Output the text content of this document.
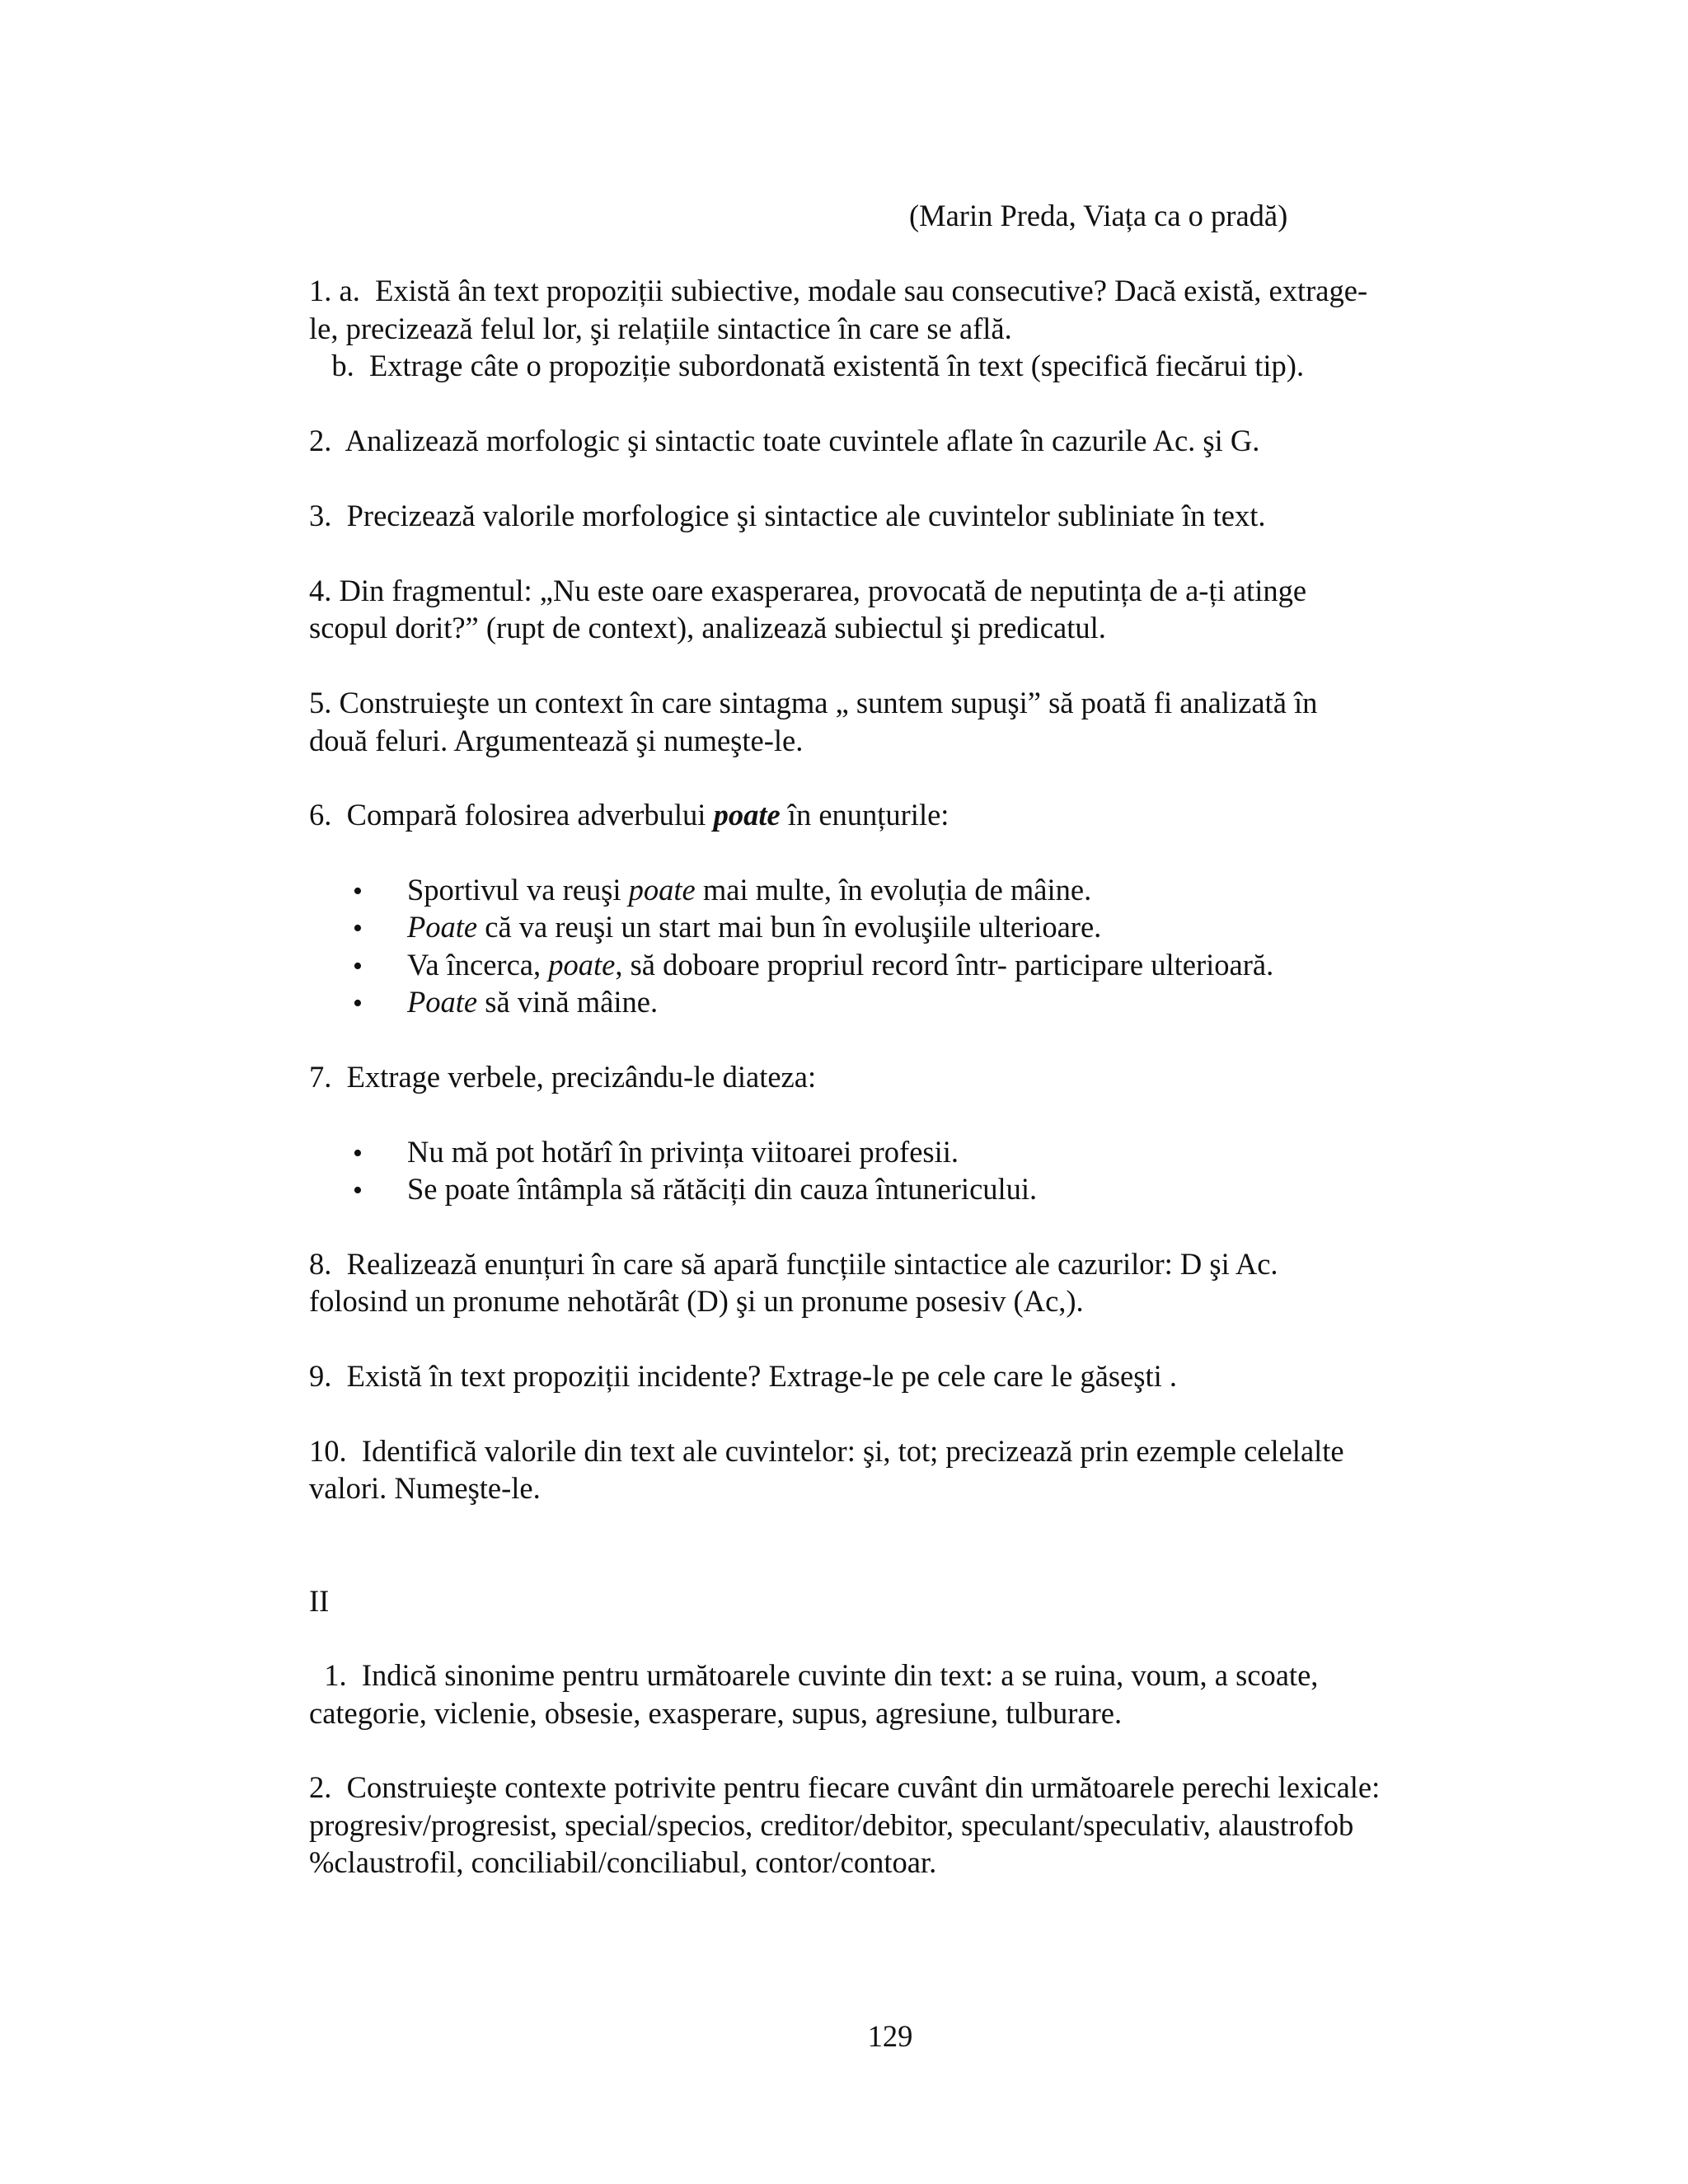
(Marin Preda, Viața ca o pradă)
1. a.  Există ân text propoziții subiective, modale sau consecutive? Dacă există, extrage-
le, precizează felul lor, şi relațiile sintactice în care se află.
b.  Extrage câte o propoziție subordonată existentă în text (specifică fiecărui tip).
2.  Analizează morfologic şi sintactic toate cuvintele aflate în cazurile Ac. şi G.
3.  Precizează valorile morfologice şi sintactice ale cuvintelor subliniate în text.
4. Din fragmentul: „Nu este oare exasperarea, provocată de neputința de a-ți atinge
scopul dorit?” (rupt de context), analizează subiectul şi predicatul.
5. Construieşte un context în care sintagma „ suntem supuşi” să poată fi analizată în
două feluri. Argumentează şi numeşte-le.
6.  Compară folosirea adverbului poate în enunțurile:
• Sportivul va reuşi poate mai multe, în evoluția de mâine.
• Poate că va reuşi un start mai bun în evoluşiile ulterioare.
• Va încerca, poate, să doboare propriul record într- participare ulterioară.
• Poate să vină mâine.
7.  Extrage verbele, precizându-le diateza:
• Nu mă pot hotărî în privința viitoarei profesii.
• Se poate întâmpla să rătăciți din cauza întunericului.
8.  Realizează enunțuri în care să apară funcțiile sintactice ale cazurilor: D şi Ac.
folosind un pronume nehotărât (D) şi un pronume posesiv (Ac,).
9.  Există în text propoziții incidente? Extrage-le pe cele care le găseşti .
10.  Identifică valorile din text ale cuvintelor: şi, tot; precizează prin ezemple celelalte
valori. Numeşte-le.
II
1.  Indică sinonime pentru următoarele cuvinte din text: a se ruina, voum, a scoate,
categorie, viclenie, obsesie, exasperare, supus, agresiune, tulburare.
2.  Construieşte contexte potrivite pentru fiecare cuvânt din următoarele perechi lexicale:
progresiv/progresist, special/specios, creditor/debitor, speculant/speculativ, alaustrofob
%claustrofil, conciliabil/conciliabul, contor/contoar.
129
